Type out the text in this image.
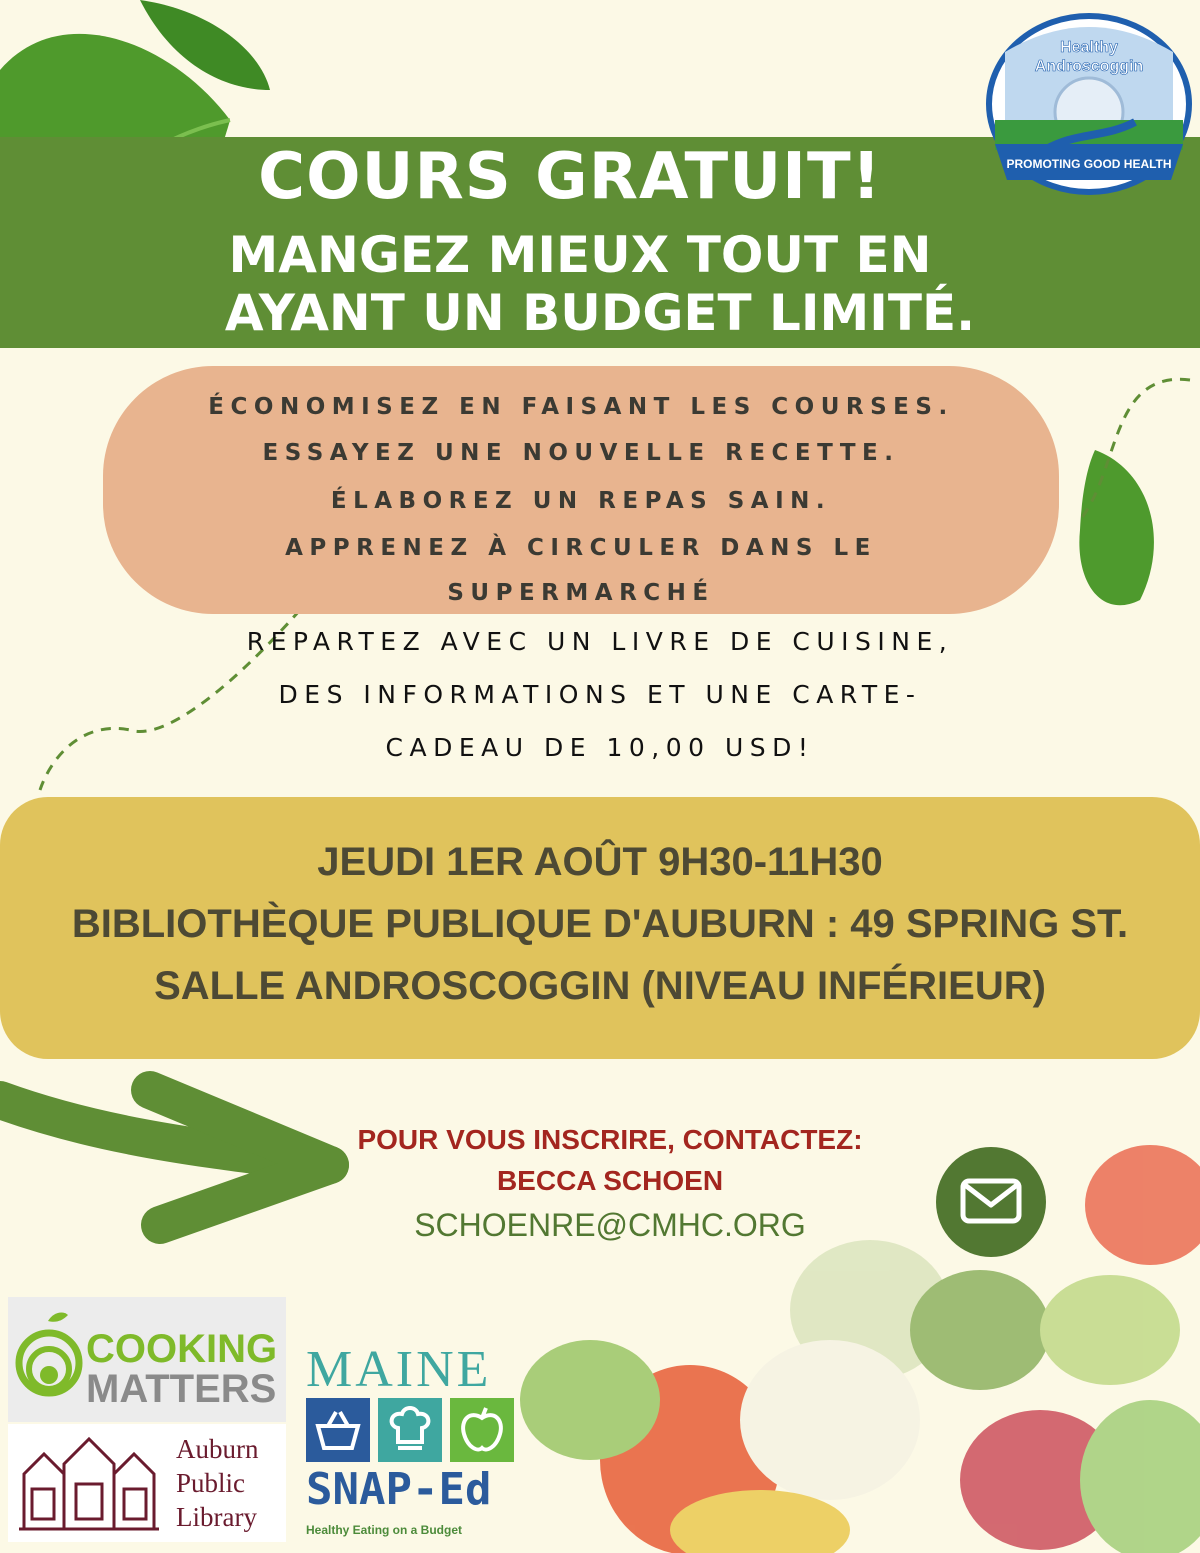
COURS GRATUIT!
MANGEZ MIEUX TOUT EN
AYANT UN BUDGET LIMITÉ.
Healthy
Androscoggin
PROMOTING GOOD HEALTH
ÉCONOMISEZ EN FAISANT LES COURSES.
ESSAYEZ UNE NOUVELLE RECETTE.
ÉLABOREZ UN REPAS SAIN.
APPRENEZ À CIRCULER DANS LE
SUPERMARCHÉ
REPARTEZ AVEC UN LIVRE DE CUISINE,
DES INFORMATIONS ET UNE CARTE-
CADEAU DE 10,00 USD!
JEUDI 1ER AOÛT 9H30-11H30
BIBLIOTHÈQUE PUBLIQUE D'AUBURN : 49 SPRING ST.
SALLE ANDROSCOGGIN (NIVEAU INFÉRIEUR)
POUR VOUS INSCRIRE, CONTACTEZ:
BECCA SCHOEN
SCHOENRE@CMHC.ORG
COOKING
MATTERS
Auburn
Public
Library
MAINE
SNAP-Ed
Healthy Eating on a Budget
